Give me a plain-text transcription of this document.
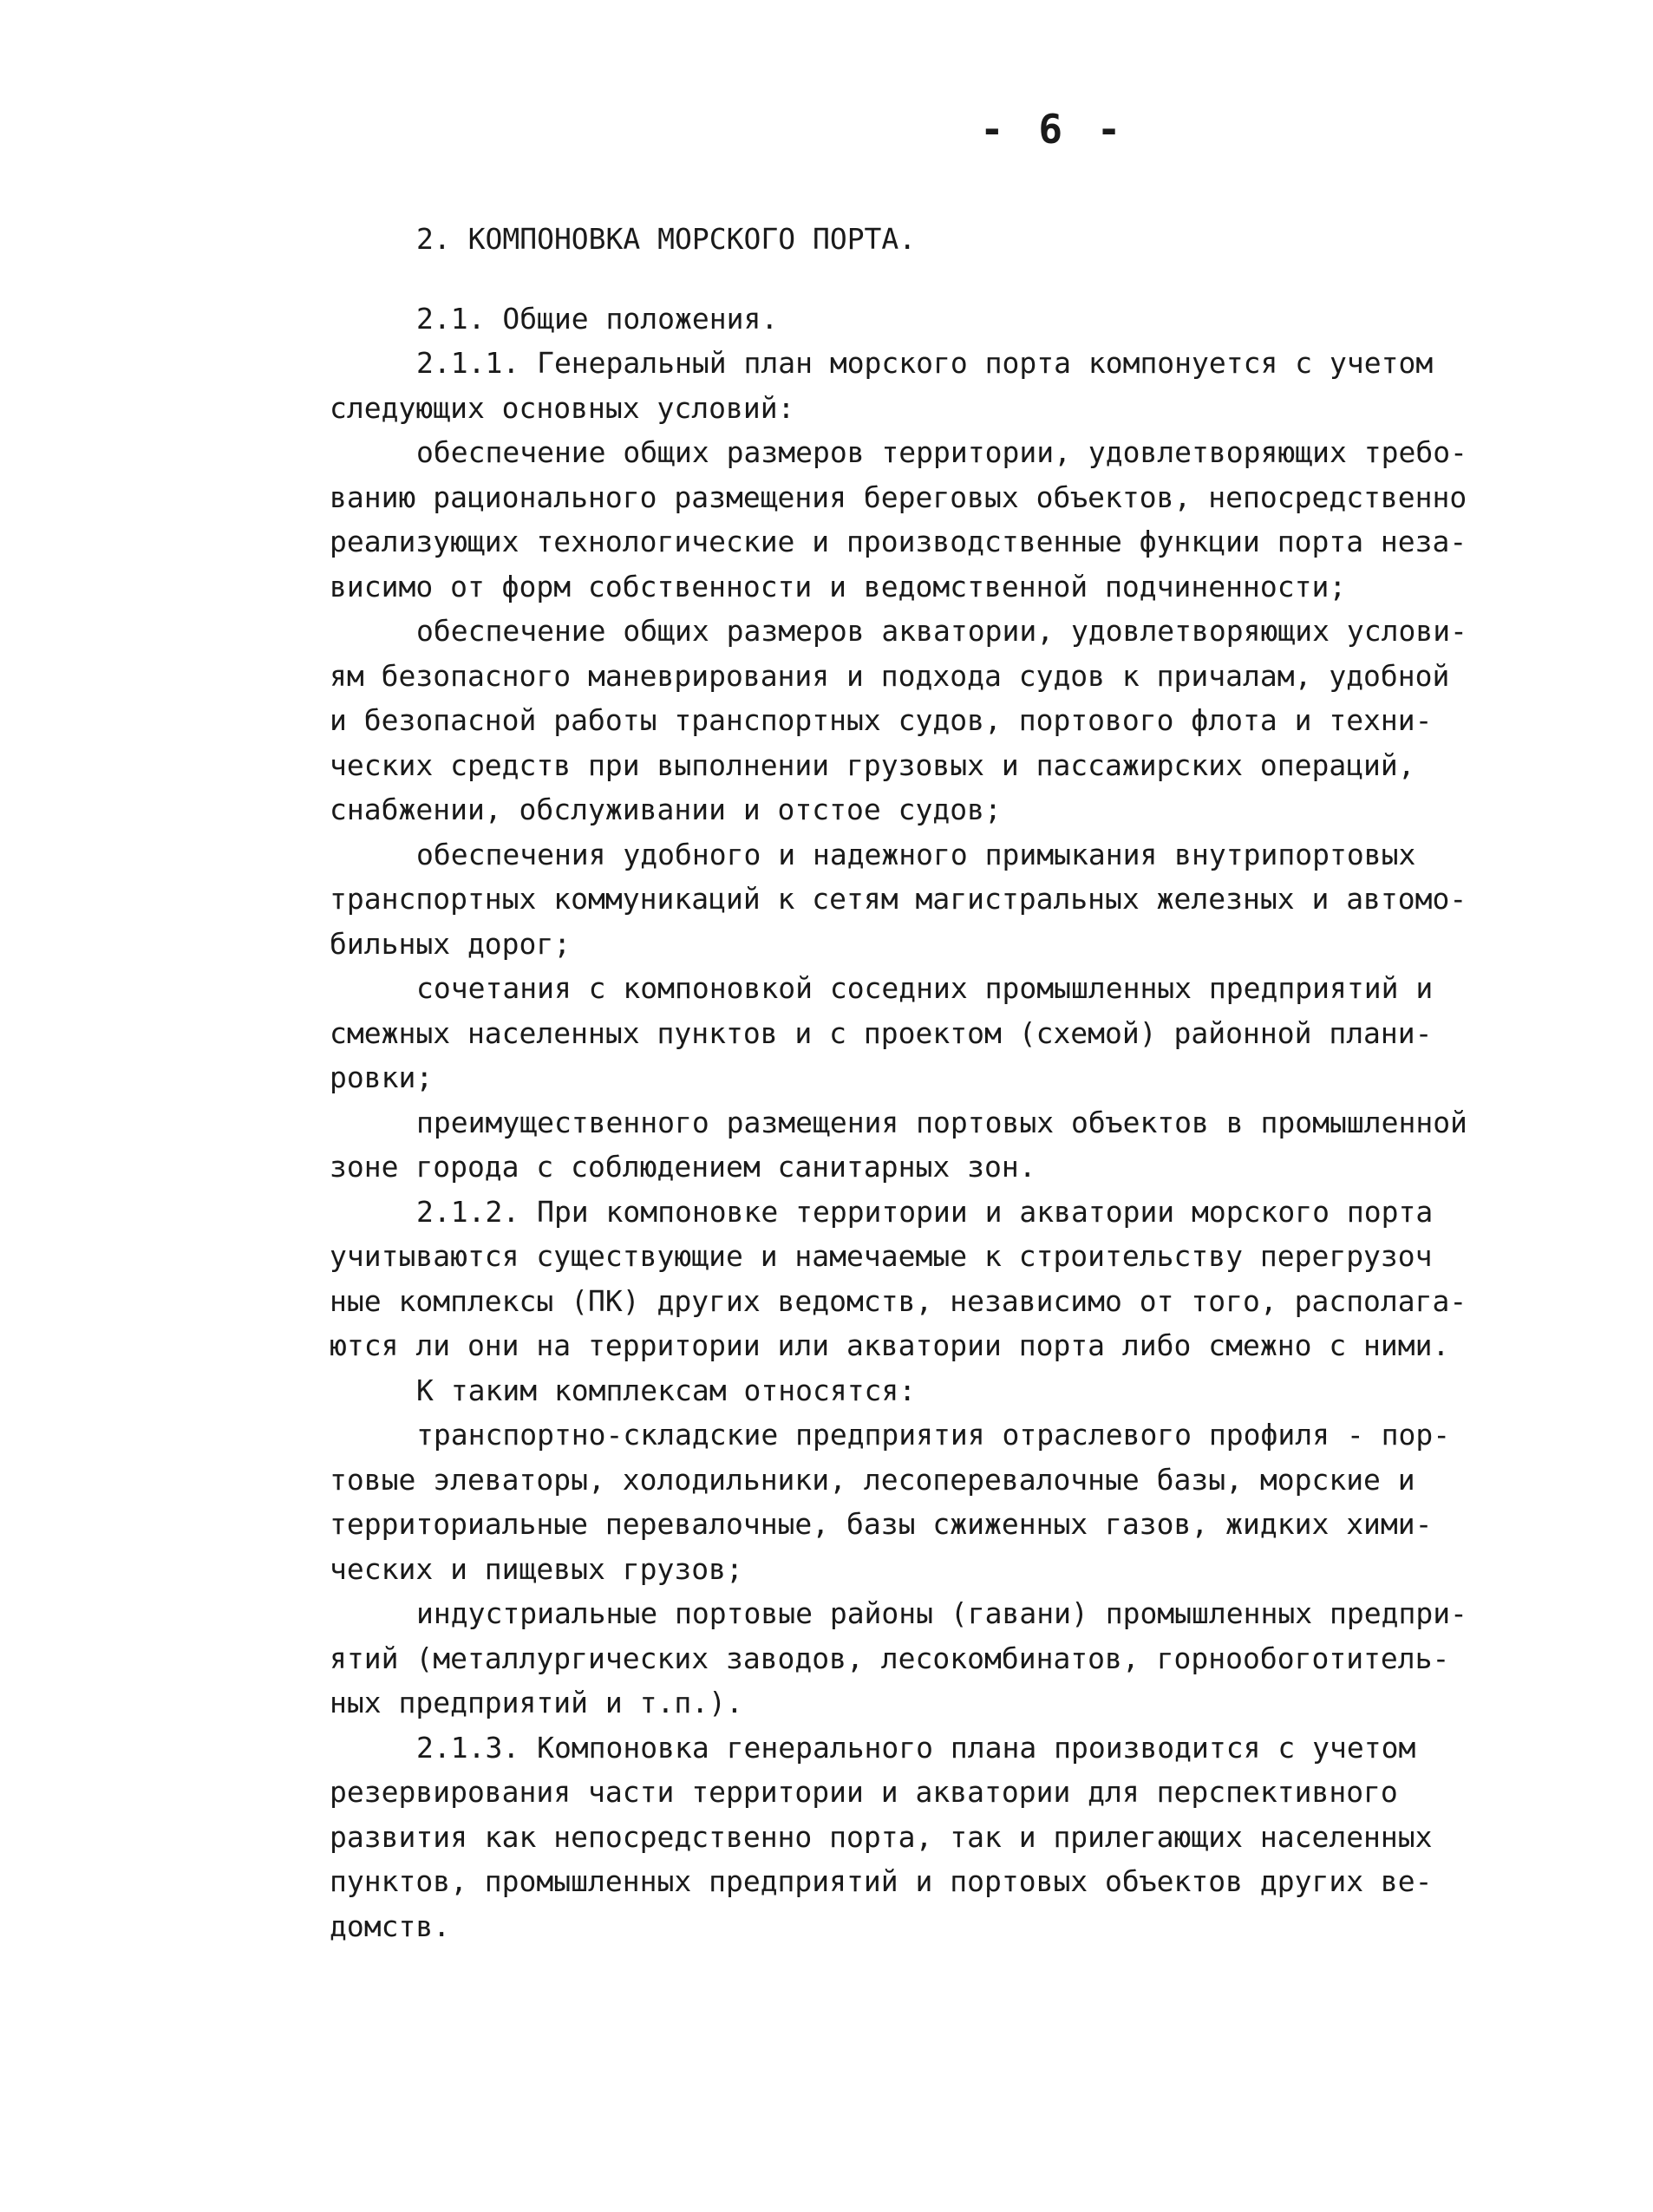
- 6 -
2. КОМПОНОВКА МОРСКОГО ПОРТА.
2.1. Общие положения.
2.1.1. Генеральный план морского порта компонуется с учетом
следующих основных условий:
обеспечение общих размеров территории, удовлетворяющих требо-
ванию рационального размещения береговых объектов, непосредственно
реализующих технологические и производственные функции порта неза-
висимо от форм собственности и ведомственной подчиненности;
обеспечение общих размеров акватории, удовлетворяющих услови-
ям безопасного маневрирования и подхода судов к причалам, удобной
и безопасной работы транспортных судов, портового флота и техни-
ческих средств при выполнении грузовых и пассажирских операций,
снабжении, обслуживании и отстое судов;
обеспечения удобного и надежного примыкания внутрипортовых
транспортных коммуникаций к сетям магистральных железных и автомо-
бильных дорог;
сочетания с компоновкой соседних промышленных предприятий и
смежных населенных пунктов и с проектом (схемой) районной плани-
ровки;
преимущественного размещения портовых объектов в промышленной
зоне города с соблюдением санитарных зон.
2.1.2. При компоновке территории и акватории морского порта
учитываются существующие и намечаемые к строительству перегрузоч
ные комплексы (ПК) других ведомств, независимо от того, располага-
ются ли они на территории или акватории порта либо смежно с ними.
К таким комплексам относятся:
транспортно-складские предприятия отраслевого профиля - пор-
товые элеваторы, холодильники, лесоперевалочные базы, морские и
территориальные перевалочные, базы сжиженных газов, жидких хими-
ческих и пищевых грузов;
индустриальные портовые районы (гавани) промышленных предпри-
ятий (металлургических заводов, лесокомбинатов, горнообоготитель-
ных предприятий и т.п.).
2.1.3. Компоновка генерального плана производится с учетом
резервирования части территории и акватории для перспективного
развития как непосредственно порта, так и прилегающих населенных
пунктов, промышленных предприятий и портовых объектов других ве-
домств.
